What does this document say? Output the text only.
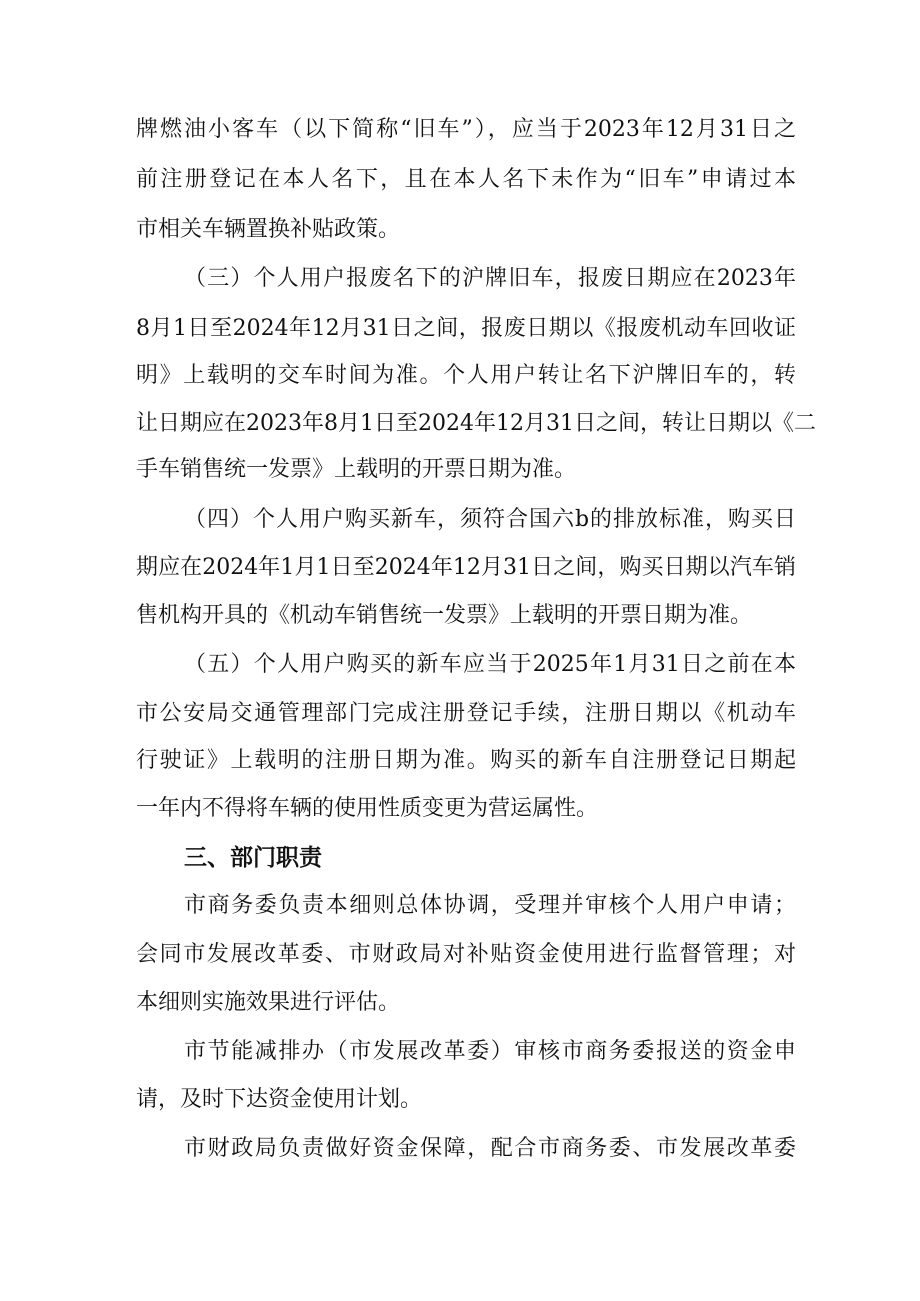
牌燃油小客车（以下简称“旧车”），应当于2023年12月31日之
前注册登记在本人名下，且在本人名下未作为“旧车”申请过本
市相关车辆置换补贴政策。
（三）个人用户报废名下的沪牌旧车，报废日期应在2023年
8月1日至2024年12月31日之间，报废日期以《报废机动车回收证
明》上载明的交车时间为准。个人用户转让名下沪牌旧车的，转
让日期应在2023年8月1日至2024年12月31日之间，转让日期以《二
手车销售统一发票》上载明的开票日期为准。
（四）个人用户购买新车，须符合国六b的排放标准，购买日
期应在2024年1月1日至2024年12月31日之间，购买日期以汽车销
售机构开具的《机动车销售统一发票》上载明的开票日期为准。
（五）个人用户购买的新车应当于2025年1月31日之前在本
市公安局交通管理部门完成注册登记手续，注册日期以《机动车
行驶证》上载明的注册日期为准。购买的新车自注册登记日期起
一年内不得将车辆的使用性质变更为营运属性。
三、部门职责
市商务委负责本细则总体协调，受理并审核个人用户申请；
会同市发展改革委、市财政局对补贴资金使用进行监督管理；对
本细则实施效果进行评估。
市节能减排办（市发展改革委）审核市商务委报送的资金申
请，及时下达资金使用计划。
市财政局负责做好资金保障，配合市商务委、市发展改革委
